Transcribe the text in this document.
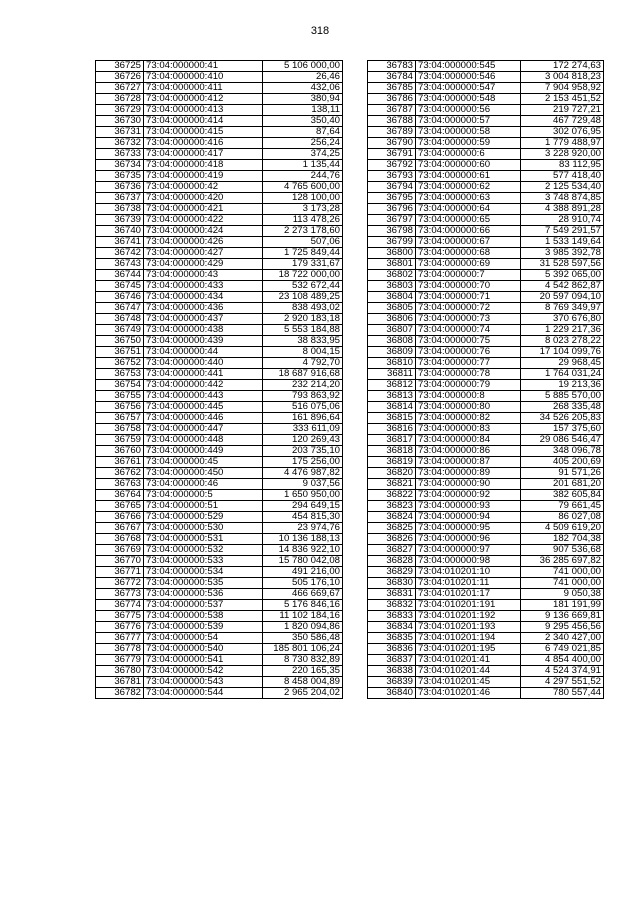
318
36725	73:04:000000:41	5 106 000,00
36726	73:04:000000:410	26,46
36727	73:04:000000:411	432,06
36728	73:04:000000:412	380,94
36729	73:04:000000:413	138,11
36730	73:04:000000:414	350,40
36731	73:04:000000:415	87,64
36732	73:04:000000:416	256,24
36733	73:04:000000:417	374,25
36734	73:04:000000:418	1 135,44
36735	73:04:000000:419	244,76
36736	73:04:000000:42	4 765 600,00
36737	73:04:000000:420	128 100,00
36738	73:04:000000:421	3 173,28
36739	73:04:000000:422	113 478,26
36740	73:04:000000:424	2 273 178,60
36741	73:04:000000:426	507,06
36742	73:04:000000:427	1 725 849,44
36743	73:04:000000:429	179 331,67
36744	73:04:000000:43	18 722 000,00
36745	73:04:000000:433	532 672,44
36746	73:04:000000:434	23 108 489,25
36747	73:04:000000:436	838 493,02
36748	73:04:000000:437	2 920 183,18
36749	73:04:000000:438	5 553 184,88
36750	73:04:000000:439	38 833,95
36751	73:04:000000:44	8 004,15
36752	73:04:000000:440	4 792,70
36753	73:04:000000:441	18 687 916,68
36754	73:04:000000:442	232 214,20
36755	73:04:000000:443	793 863,92
36756	73:04:000000:445	516 075,06
36757	73:04:000000:446	161 896,64
36758	73:04:000000:447	333 611,09
36759	73:04:000000:448	120 269,43
36760	73:04:000000:449	203 735,10
36761	73:04:000000:45	175 256,00
36762	73:04:000000:450	4 476 987,82
36763	73:04:000000:46	9 037,56
36764	73:04:000000:5	1 650 950,00
36765	73:04:000000:51	294 649,15
36766	73:04:000000:529	454 815,30
36767	73:04:000000:530	23 974,76
36768	73:04:000000:531	10 136 188,13
36769	73:04:000000:532	14 836 922,10
36770	73:04:000000:533	15 780 042,08
36771	73:04:000000:534	491 216,00
36772	73:04:000000:535	505 176,10
36773	73:04:000000:536	466 669,67
36774	73:04:000000:537	5 176 846,16
36775	73:04:000000:538	11 102 184,16
36776	73:04:000000:539	1 820 094,86
36777	73:04:000000:54	350 586,48
36778	73:04:000000:540	185 801 106,24
36779	73:04:000000:541	8 730 832,89
36780	73:04:000000:542	220 165,35
36781	73:04:000000:543	8 458 004,89
36782	73:04:000000:544	2 965 204,02
36783	73:04:000000:545	172 274,63
36784	73:04:000000:546	3 004 818,23
36785	73:04:000000:547	7 904 958,92
36786	73:04:000000:548	2 153 451,52
36787	73:04:000000:56	219 727,21
36788	73:04:000000:57	467 729,48
36789	73:04:000000:58	302 076,95
36790	73:04:000000:59	1 779 488,97
36791	73:04:000000:6	3 228 920,00
36792	73:04:000000:60	83 112,95
36793	73:04:000000:61	577 418,40
36794	73:04:000000:62	2 125 534,40
36795	73:04:000000:63	3 748 874,85
36796	73:04:000000:64	4 388 891,28
36797	73:04:000000:65	28 910,74
36798	73:04:000000:66	7 549 291,57
36799	73:04:000000:67	1 533 149,64
36800	73:04:000000:68	3 985 392,78
36801	73:04:000000:69	31 528 597,56
36802	73:04:000000:7	5 392 065,00
36803	73:04:000000:70	4 542 862,87
36804	73:04:000000:71	20 597 094,10
36805	73:04:000000:72	8 769 349,97
36806	73:04:000000:73	370 676,80
36807	73:04:000000:74	1 229 217,36
36808	73:04:000000:75	8 023 278,22
36809	73:04:000000:76	17 104 099,76
36810	73:04:000000:77	29 968,45
36811	73:04:000000:78	1 764 031,24
36812	73:04:000000:79	19 213,36
36813	73:04:000000:8	5 885 570,00
36814	73:04:000000:80	268 335,48
36815	73:04:000000:82	34 526 205,83
36816	73:04:000000:83	157 375,60
36817	73:04:000000:84	29 086 546,47
36818	73:04:000000:86	348 096,78
36819	73:04:000000:87	405 200,69
36820	73:04:000000:89	91 571,26
36821	73:04:000000:90	201 681,20
36822	73:04:000000:92	382 605,84
36823	73:04:000000:93	79 661,45
36824	73:04:000000:94	86 027,08
36825	73:04:000000:95	4 509 619,20
36826	73:04:000000:96	182 704,38
36827	73:04:000000:97	907 536,68
36828	73:04:000000:98	36 285 697,82
36829	73:04:010201:10	741 000,00
36830	73:04:010201:11	741 000,00
36831	73:04:010201:17	9 050,38
36832	73:04:010201:191	181 191,99
36833	73:04:010201:192	9 136 669,81
36834	73:04:010201:193	9 295 456,56
36835	73:04:010201:194	2 340 427,00
36836	73:04:010201:195	6 749 021,85
36837	73:04:010201:41	4 854 400,00
36838	73:04:010201:44	4 524 374,91
36839	73:04:010201:45	4 297 551,52
36840	73:04:010201:46	780 557,44
